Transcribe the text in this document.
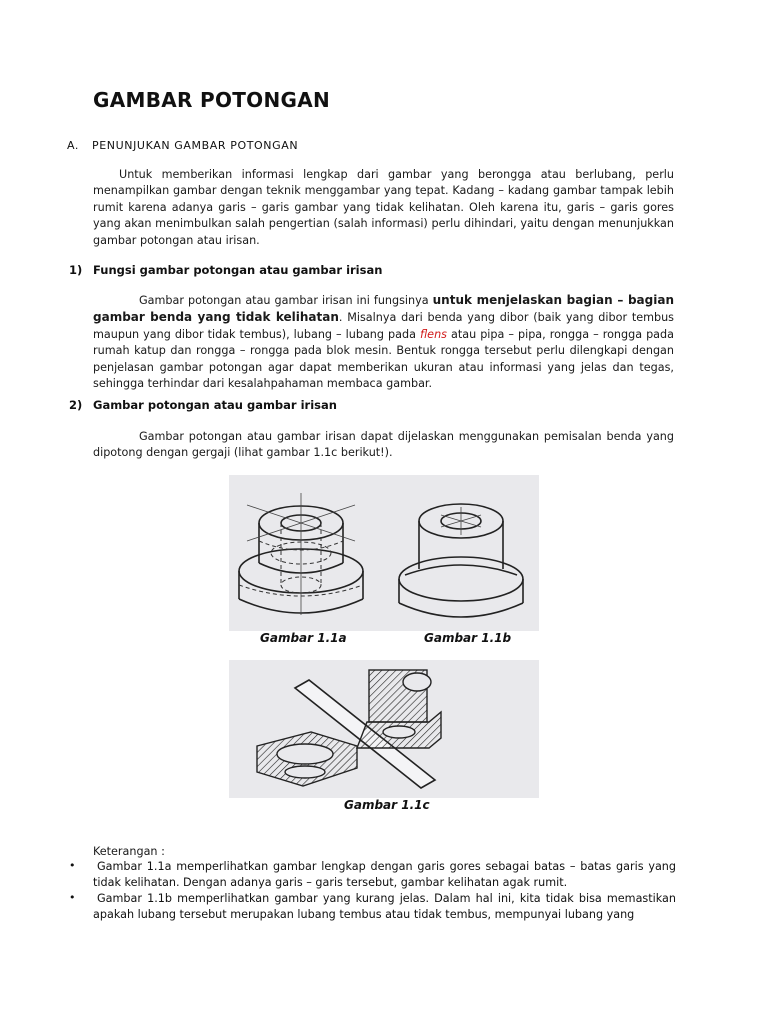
GAMBAR POTONGAN

A. PENUNJUKAN GAMBAR POTONGAN

Untuk memberikan informasi lengkap dari gambar yang berongga atau berlubang, perlu menampilkan gambar dengan teknik menggambar yang tepat. Kadang – kadang gambar tampak lebih rumit karena adanya garis – garis gambar yang tidak kelihatan. Oleh karena itu, garis – garis gores yang akan menimbulkan salah pengertian (salah informasi) perlu dihindari, yaitu dengan menunjukkan gambar potongan atau irisan.

1) Fungsi gambar potongan atau gambar irisan

Gambar potongan atau gambar irisan ini fungsinya untuk menjelaskan bagian – bagian gambar benda yang tidak kelihatan. Misalnya dari benda yang dibor (baik yang dibor tembus maupun yang dibor tidak tembus), lubang – lubang pada flens atau pipa – pipa, rongga – rongga pada rumah katup dan rongga – rongga pada blok mesin. Bentuk rongga tersebut perlu dilengkapi dengan penjelasan gambar potongan agar dapat memberikan ukuran atau informasi yang jelas dan tegas, sehingga terhindar dari kesalahpahaman membaca gambar.

2) Gambar potongan atau gambar irisan

Gambar potongan atau gambar irisan dapat dijelaskan menggunakan pemisalan benda yang dipotong dengan gergaji (lihat gambar 1.1c berikut!).

Gambar 1.1a	Gambar 1.1b

Gambar 1.1c

Keterangan :

•	Gambar 1.1a memperlihatkan gambar lengkap dengan garis gores sebagai batas – batas garis yang tidak kelihatan. Dengan adanya garis – garis tersebut, gambar kelihatan agak rumit.

•	Gambar 1.1b memperlihatkan gambar yang kurang jelas. Dalam hal ini, kita tidak bisa memastikan apakah lubang tersebut merupakan lubang tembus atau tidak tembus, mempunyai lubang yang
